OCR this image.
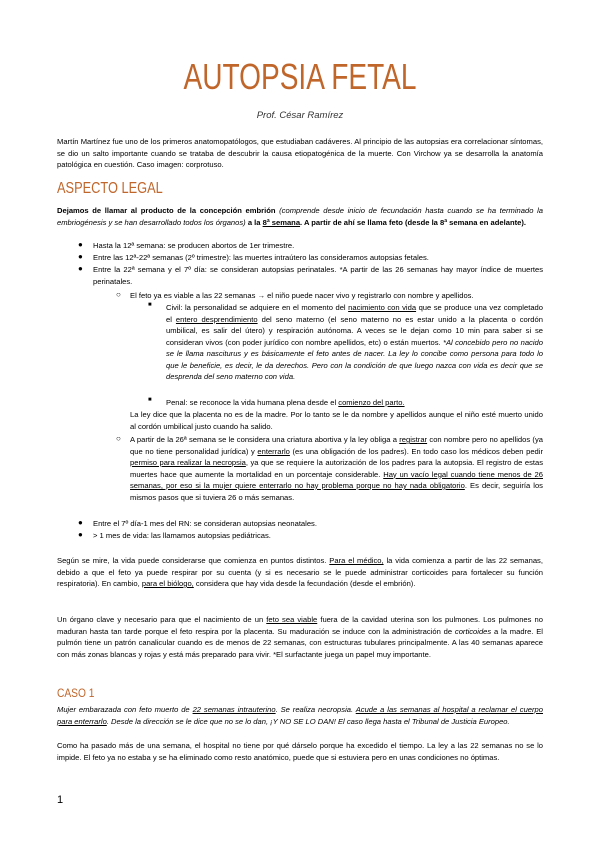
AUTOPSIA FETAL
Prof. César Ramírez
Martín Martínez fue uno de los primeros anatomopatólogos, que estudiaban cadáveres. Al principio de las autopsias era correlacionar síntomas, se dio un salto importante cuando se trataba de descubrir la causa etiopatogénica de la muerte. Con Virchow ya se desarrolla la anatomía patológica en cuestión. Caso imagen: corprotuso.
ASPECTO LEGAL
Dejamos de llamar al producto de la concepción embrión (comprende desde inicio de fecundación hasta cuando se ha terminado la embriogénesis y se han desarrollado todos los órganos) a la 8ª semana. A partir de ahí se llama feto (desde la 8ª semana en adelante).
● Hasta la 12ª semana: se producen abortos de 1er trimestre.
● Entre las 12ª-22ª semanas (2º trimestre): las muertes intraútero las consideramos autopsias fetales.
● Entre la 22ª semana y el 7º día: se consideran autopsias perinatales. *A partir de las 26 semanas hay mayor índice de muertes perinatales.
○ El feto ya es viable a las 22 semanas → el niño puede nacer vivo y registrarlo con nombre y apellidos.
■ Civil: la personalidad se adquiere en el momento del nacimiento con vida que se produce una vez completado el entero desprendimiento del seno materno (el seno materno no es estar unido a la placenta o cordón umbilical, es salir del útero) y respiración autónoma. A veces se le dejan como 10 min para saber si se consideran vivos (con poder jurídico con nombre apellidos, etc) o están muertos. *Al concebido pero no nacido se le llama nasciturus y es básicamente el feto antes de nacer. La ley lo concibe como persona para todo lo que le beneficie, es decir, le da derechos. Pero con la condición de que luego nazca con vida es decir que se desprenda del seno materno con vida.
■ Penal: se reconoce la vida humana plena desde el comienzo del parto.
La ley dice que la placenta no es de la madre. Por lo tanto se le da nombre y apellidos aunque el niño esté muerto unido al cordón umbilical justo cuando ha salido.
○ A partir de la 26ª semana se le considera una criatura abortiva y la ley obliga a registrar con nombre pero no apellidos (ya que no tiene personalidad jurídica) y enterrarlo (es una obligación de los padres). En todo caso los médicos deben pedir permiso para realizar la necropsia, ya que se requiere la autorización de los padres para la autopsia. El registro de estas muertes hace que aumente la mortalidad en un porcentaje considerable. Hay un vacío legal cuando tiene menos de 26 semanas, por eso si la mujer quiere enterrarlo no hay problema porque no hay nada obligatorio. Es decir, seguiría los mismos pasos que si tuviera 26 o más semanas.
● Entre el 7º día-1 mes del RN: se consideran autopsias neonatales.
● > 1 mes de vida: las llamamos autopsias pediátricas.
Según se mire, la vida puede considerarse que comienza en puntos distintos. Para el médico, la vida comienza a partir de las 22 semanas, debido a que el feto ya puede respirar por su cuenta (y si es necesario se le puede administrar corticoides para fortalecer su función respiratoria). En cambio, para el biólogo, considera que hay vida desde la fecundación (desde el embrión).
Un órgano clave y necesario para que el nacimiento de un feto sea viable fuera de la cavidad uterina son los pulmones. Los pulmones no maduran hasta tan tarde porque el feto respira por la placenta. Su maduración se induce con la administración de corticoides a la madre. El pulmón tiene un patrón canalicular cuando es de menos de 22 semanas, con estructuras tubulares principalmente. A las 40 semanas aparece con más zonas blancas y rojas y está más preparado para vivir. *El surfactante juega un papel muy importante.
CASO 1
Mujer embarazada con feto muerto de 22 semanas intrauterino. Se realiza necropsia. Acude a las semanas al hospital a reclamar el cuerpo para enterrarlo. Desde la dirección se le dice que no se lo dan, ¡Y NO SE LO DAN! El caso llega hasta el Tribunal de Justicia Europeo.
Como ha pasado más de una semana, el hospital no tiene por qué dárselo porque ha excedido el tiempo. La ley a las 22 semanas no se lo impide. El feto ya no estaba y se ha eliminado como resto anatómico, puede que si estuviera pero en unas condiciones no óptimas.
1
